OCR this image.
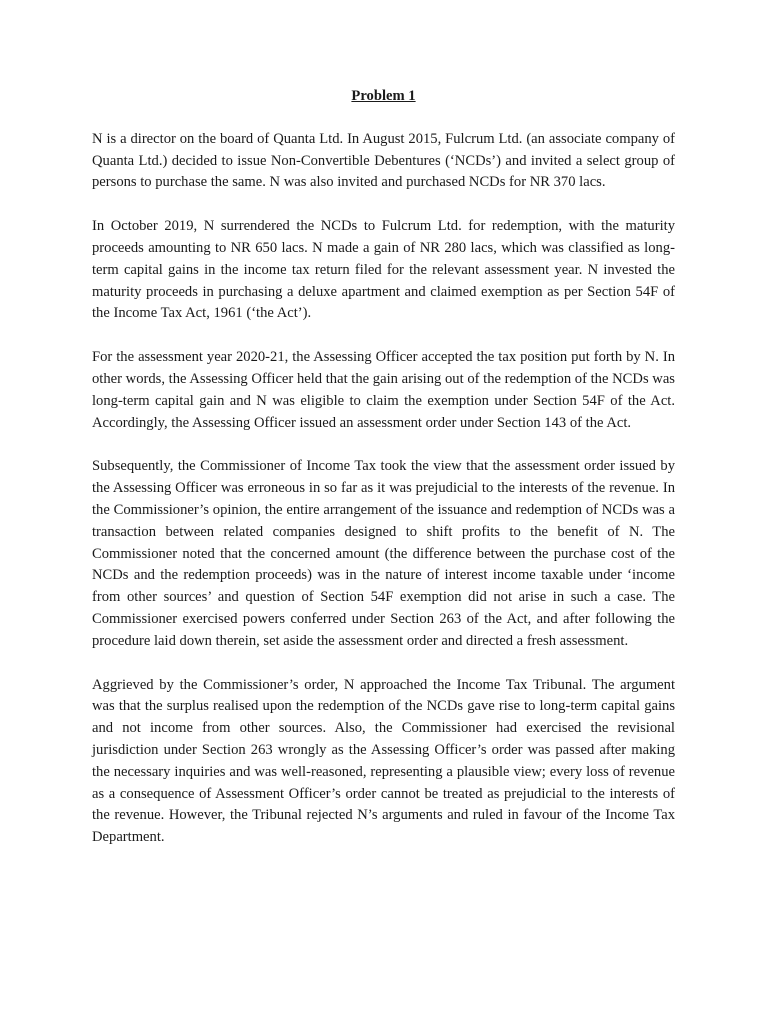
Problem 1

N is a director on the board of Quanta Ltd. In August 2015, Fulcrum Ltd. (an associate company of Quanta Ltd.) decided to issue Non-Convertible Debentures (‘NCDs’) and invited a select group of persons to purchase the same. N was also invited and purchased NCDs for NR 370 lacs.

In October 2019, N surrendered the NCDs to Fulcrum Ltd. for redemption, with the maturity proceeds amounting to NR 650 lacs. N made a gain of NR 280 lacs, which was classified as long-term capital gains in the income tax return filed for the relevant assessment year. N invested the maturity proceeds in purchasing a deluxe apartment and claimed exemption as per Section 54F of the Income Tax Act, 1961 (‘the Act’).

For the assessment year 2020-21, the Assessing Officer accepted the tax position put forth by N. In other words, the Assessing Officer held that the gain arising out of the redemption of the NCDs was long-term capital gain and N was eligible to claim the exemption under Section 54F of the Act. Accordingly, the Assessing Officer issued an assessment order under Section 143 of the Act.

Subsequently, the Commissioner of Income Tax took the view that the assessment order issued by the Assessing Officer was erroneous in so far as it was prejudicial to the interests of the revenue. In the Commissioner’s opinion, the entire arrangement of the issuance and redemption of NCDs was a transaction between related companies designed to shift profits to the benefit of N. The Commissioner noted that the concerned amount (the difference between the purchase cost of the NCDs and the redemption proceeds) was in the nature of interest income taxable under ‘income from other sources’ and question of Section 54F exemption did not arise in such a case. The Commissioner exercised powers conferred under Section 263 of the Act, and after following the procedure laid down therein, set aside the assessment order and directed a fresh assessment.

Aggrieved by the Commissioner’s order, N approached the Income Tax Tribunal. The argument was that the surplus realised upon the redemption of the NCDs gave rise to long-term capital gains and not income from other sources. Also, the Commissioner had exercised the revisional jurisdiction under Section 263 wrongly as the Assessing Officer’s order was passed after making the necessary inquiries and was well-reasoned, representing a plausible view; every loss of revenue as a consequence of Assessment Officer’s order cannot be treated as prejudicial to the interests of the revenue. However, the Tribunal rejected N’s arguments and ruled in favour of the Income Tax Department.
